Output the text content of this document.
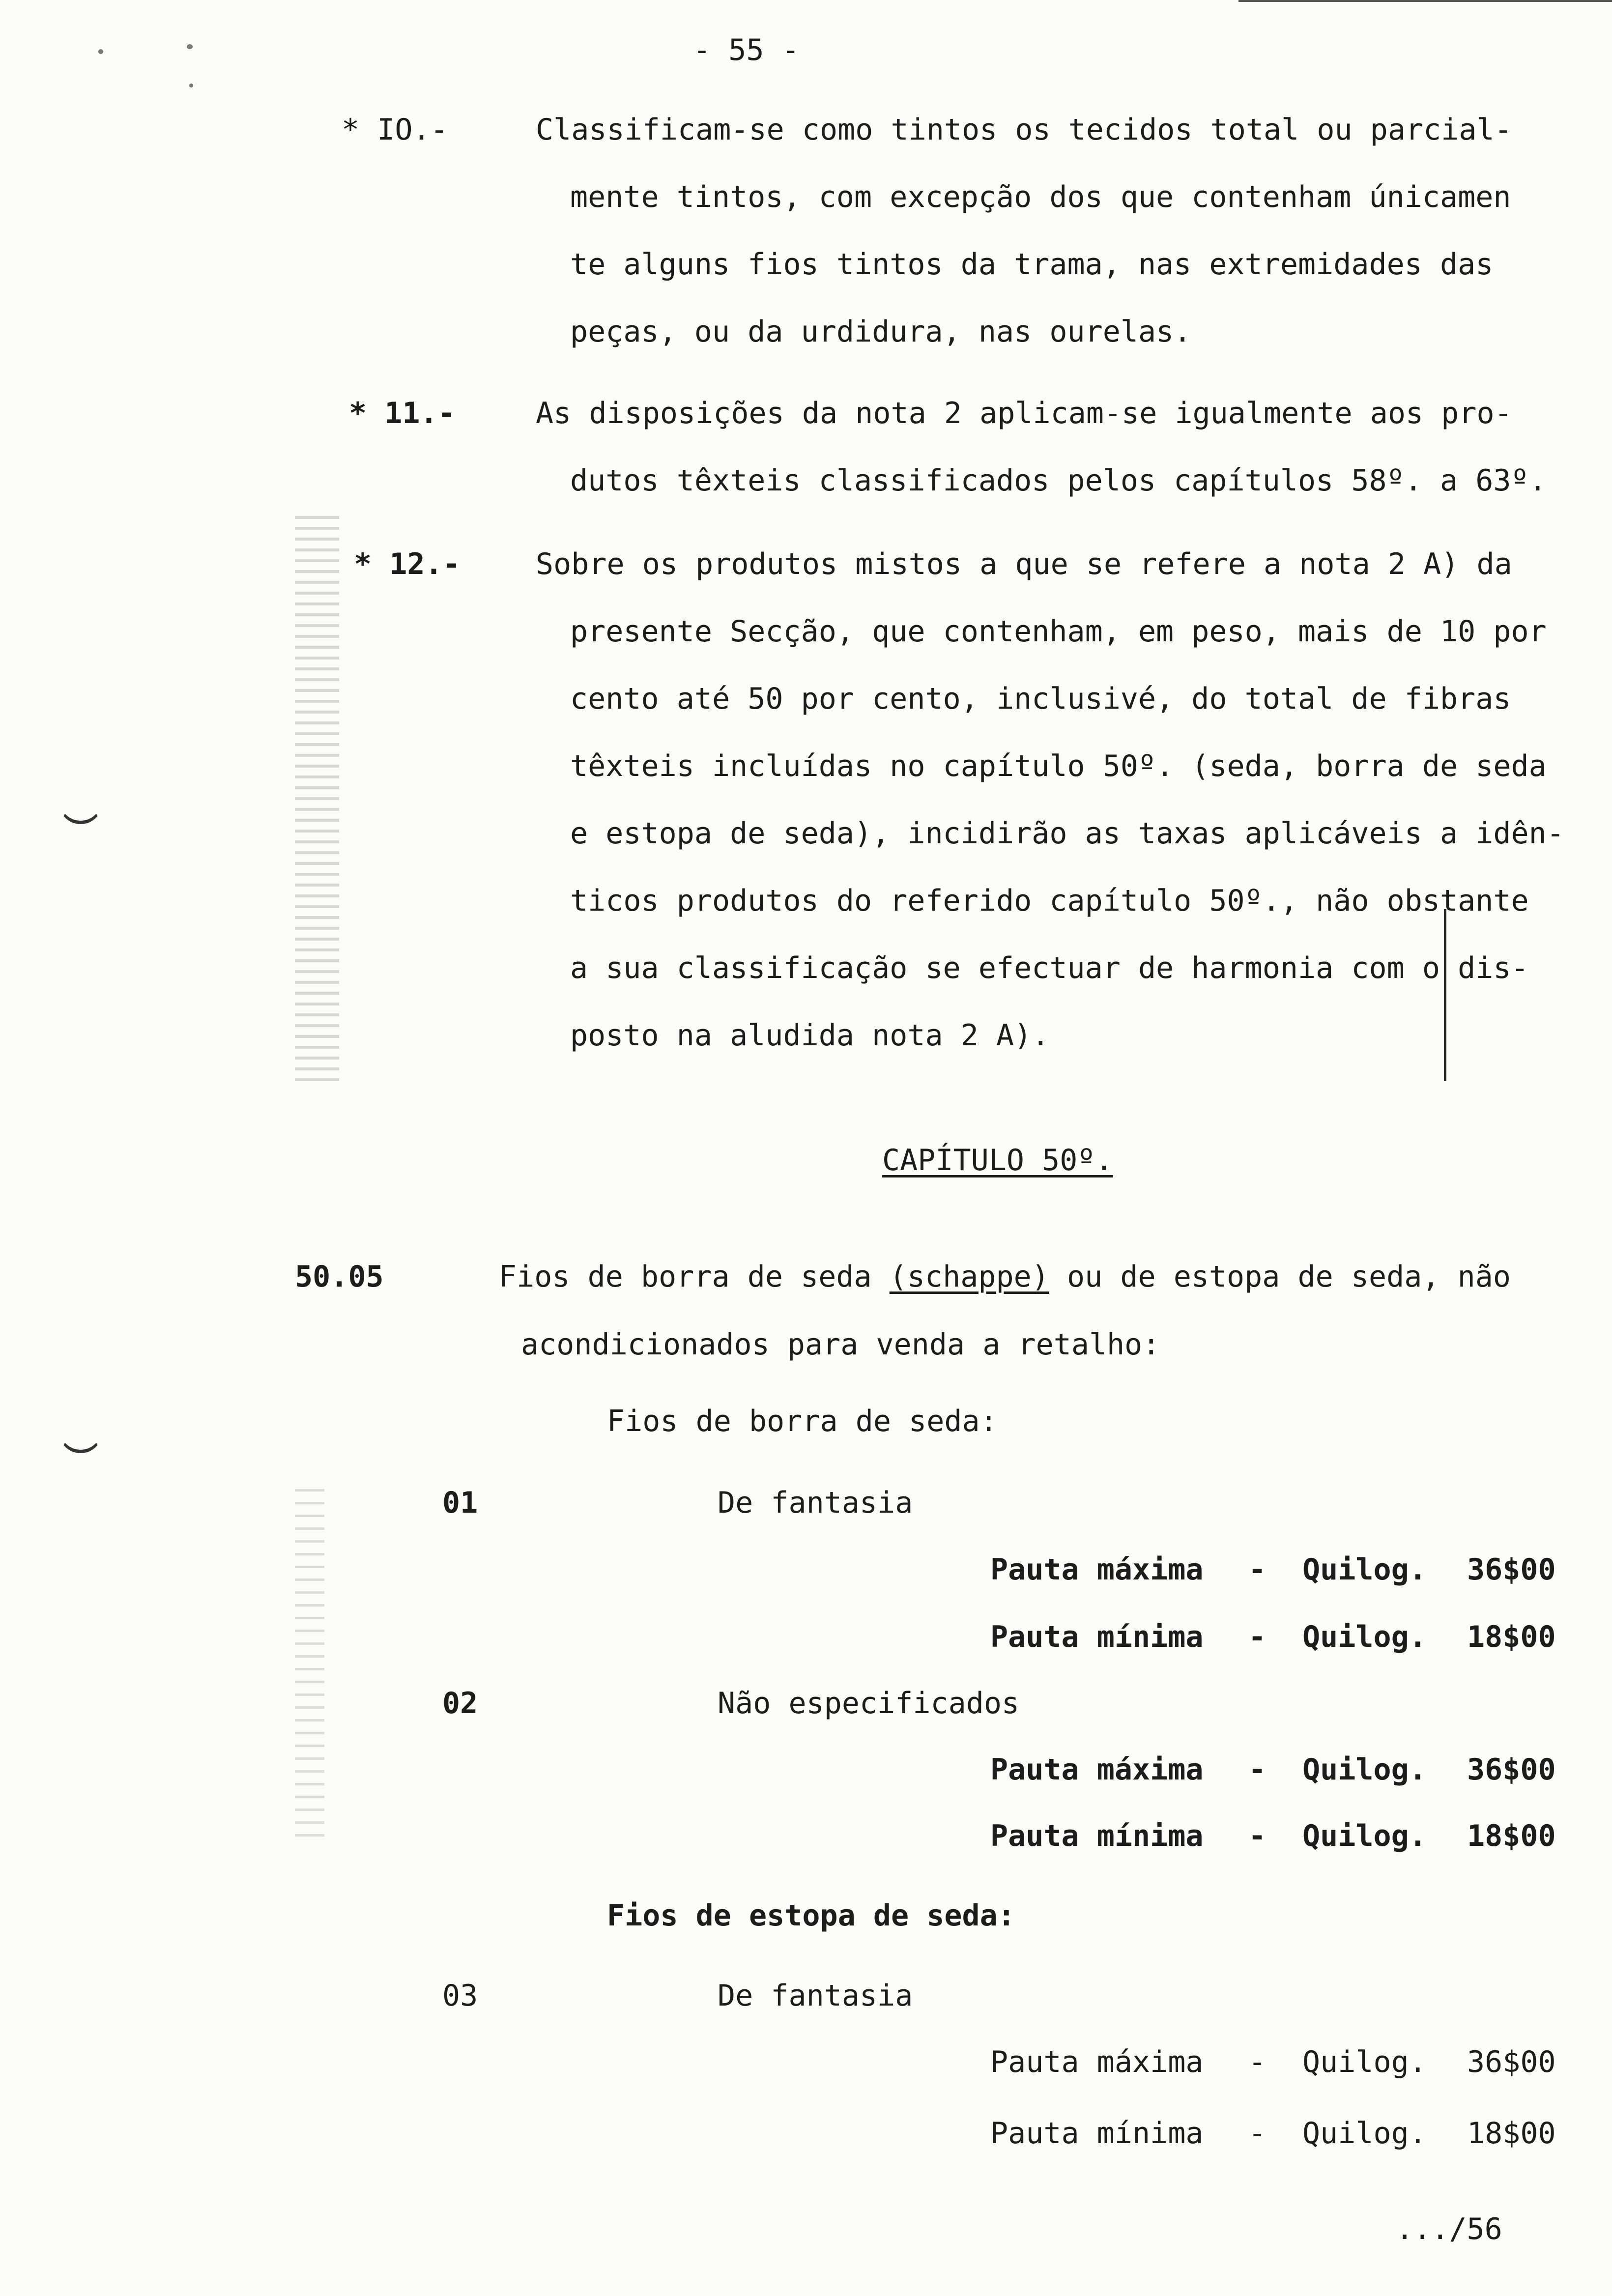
- 55 -
* IO.-	Classificam-se como tintos os tecidos total ou parcial-
mente tintos, com excepção dos que contenham únicamen
te alguns fios tintos da trama, nas extremidades das
peças, ou da urdidura, nas ourelas.
* 11.-	As disposições da nota 2 aplicam-se igualmente aos pro-
dutos têxteis classificados pelos capítulos 58º. a 63º.
* 12.-	Sobre os produtos mistos a que se refere a nota 2 A) da
presente Secção, que contenham, em peso, mais de 10 por
cento até 50 por cento, inclusivé, do total de fibras
têxteis incluídas no capítulo 50º. (seda, borra de seda
e estopa de seda), incidirão as taxas aplicáveis a idên-
ticos produtos do referido capítulo 50º., não obstante
a sua classificação se efectuar de harmonia com o dis-
posto na aludida nota 2 A).
CAPÍTULO 50º.
50.05	Fios de borra de seda (schappe) ou de estopa de seda, não
acondicionados para venda a retalho:
Fios de borra de seda:
01	De fantasia
Pauta máxima - Quilog. 36$00
Pauta mínima - Quilog. 18$00
02	Não especificados
Pauta máxima - Quilog. 36$00
Pauta mínima - Quilog. 18$00
Fios de estopa de seda:
03	De fantasia
Pauta máxima - Quilog. 36$00
Pauta mínima - Quilog. 18$00
.../56
